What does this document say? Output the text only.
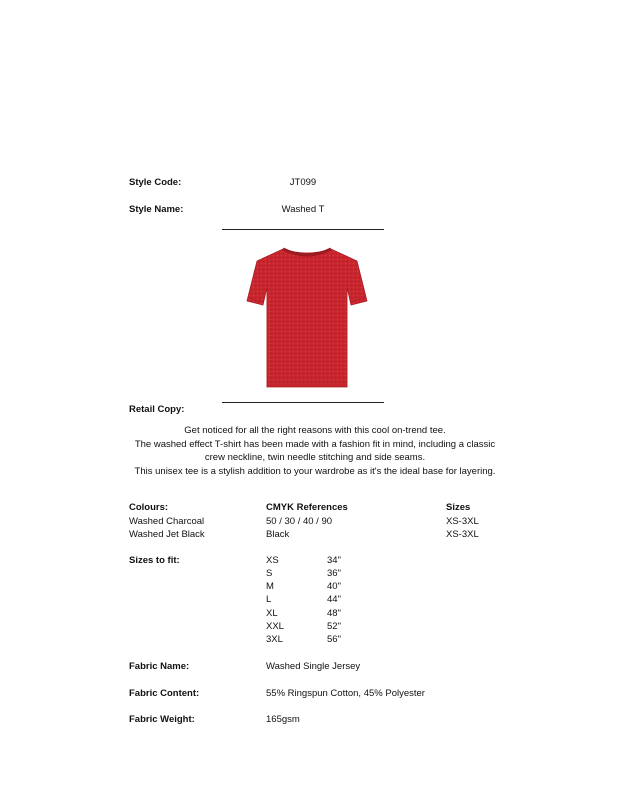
Style Code:	JT099
Style Name:	Washed T
Retail Copy:
Get noticed for all the right reasons with this cool on-trend tee.
The washed effect T-shirt has been made with a fashion fit in mind, including a classic
crew neckline, twin needle stitching and side seams.
This unisex tee is a stylish addition to your wardrobe as it's the ideal base for layering.
Colours:	CMYK References	Sizes
Washed Charcoal	50 / 30 / 40 / 90	XS-3XL
Washed Jet Black	Black	XS-3XL
Sizes to fit:	XS	34"
S	36"
M	40"
L	44"
XL	48"
XXL	52"
3XL	56"
Fabric Name:	Washed Single Jersey
Fabric Content:	55% Ringspun Cotton, 45% Polyester
Fabric Weight:	165gsm
